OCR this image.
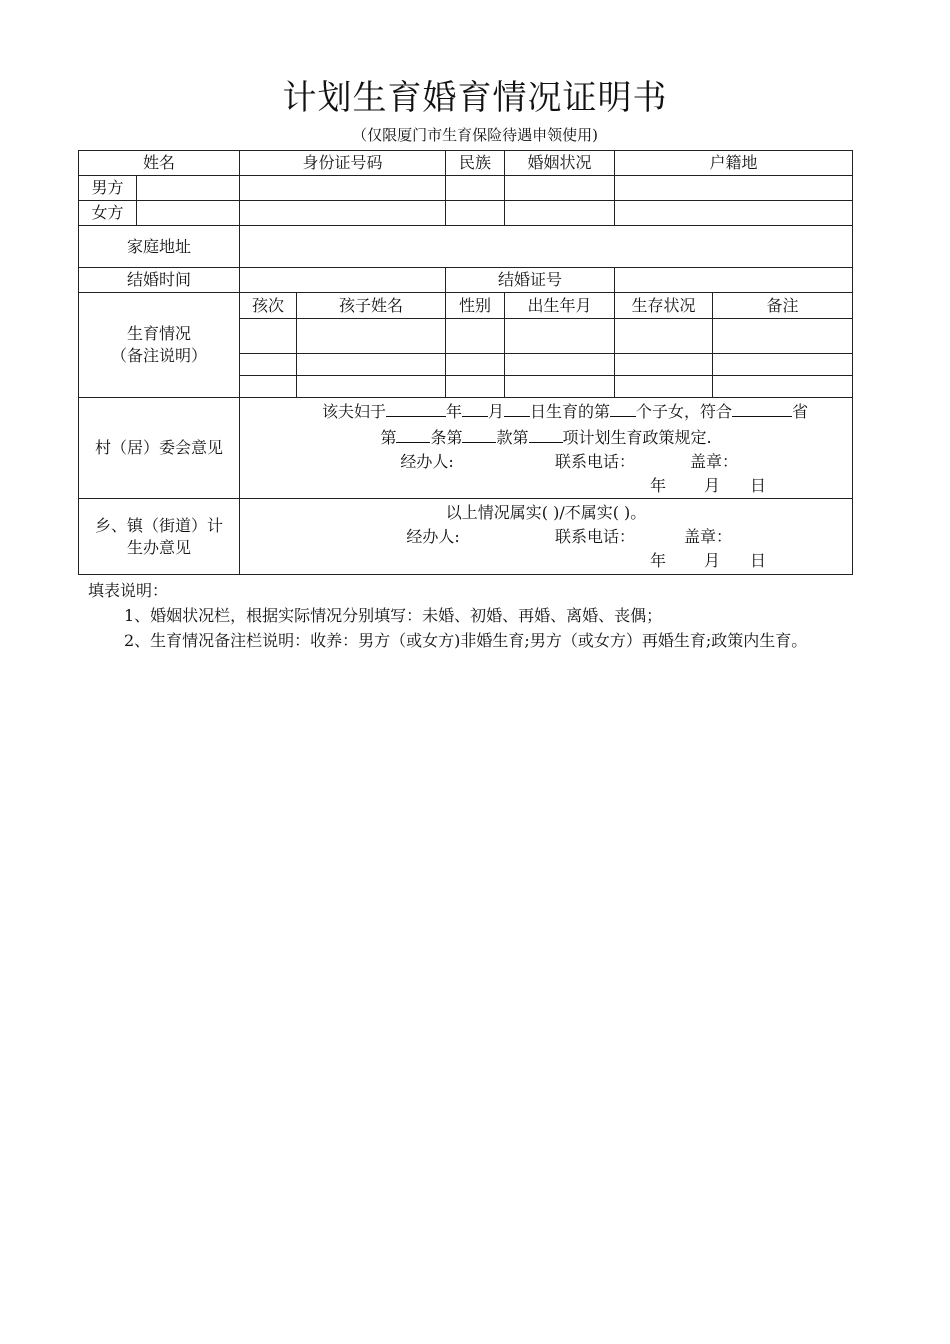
计划生育婚育情况证明书
（仅限厦门市生育保险待遇申领使用)
姓名		身份证号码		民族	婚姻状况	户籍地	
男方							
女方							
家庭地址							
结婚时间				结婚证号			

生育情况
（备注说明）		孩次	孩子姓名	性别	出生年月	生存状况	备注

村（居）委会意见		该夫妇于 年 月 日生育的第 个子女，符合 省
第 条第 款第 项计划生育政策规定.
经办人: 联系电话： 盖章：
年 月 日					

乡、镇（街道）计生办意见		以上情况属实( )/不属实( )。
经办人: 联系电话： 盖章：
年 月 日					
填表说明：
1、婚姻状况栏，根据实际情况分别填写：未婚、初婚、再婚、离婚、丧偶；
2、生育情况备注栏说明：收养：男方（或女方)非婚生育;男方（或女方）再婚生育;政策内生育。
